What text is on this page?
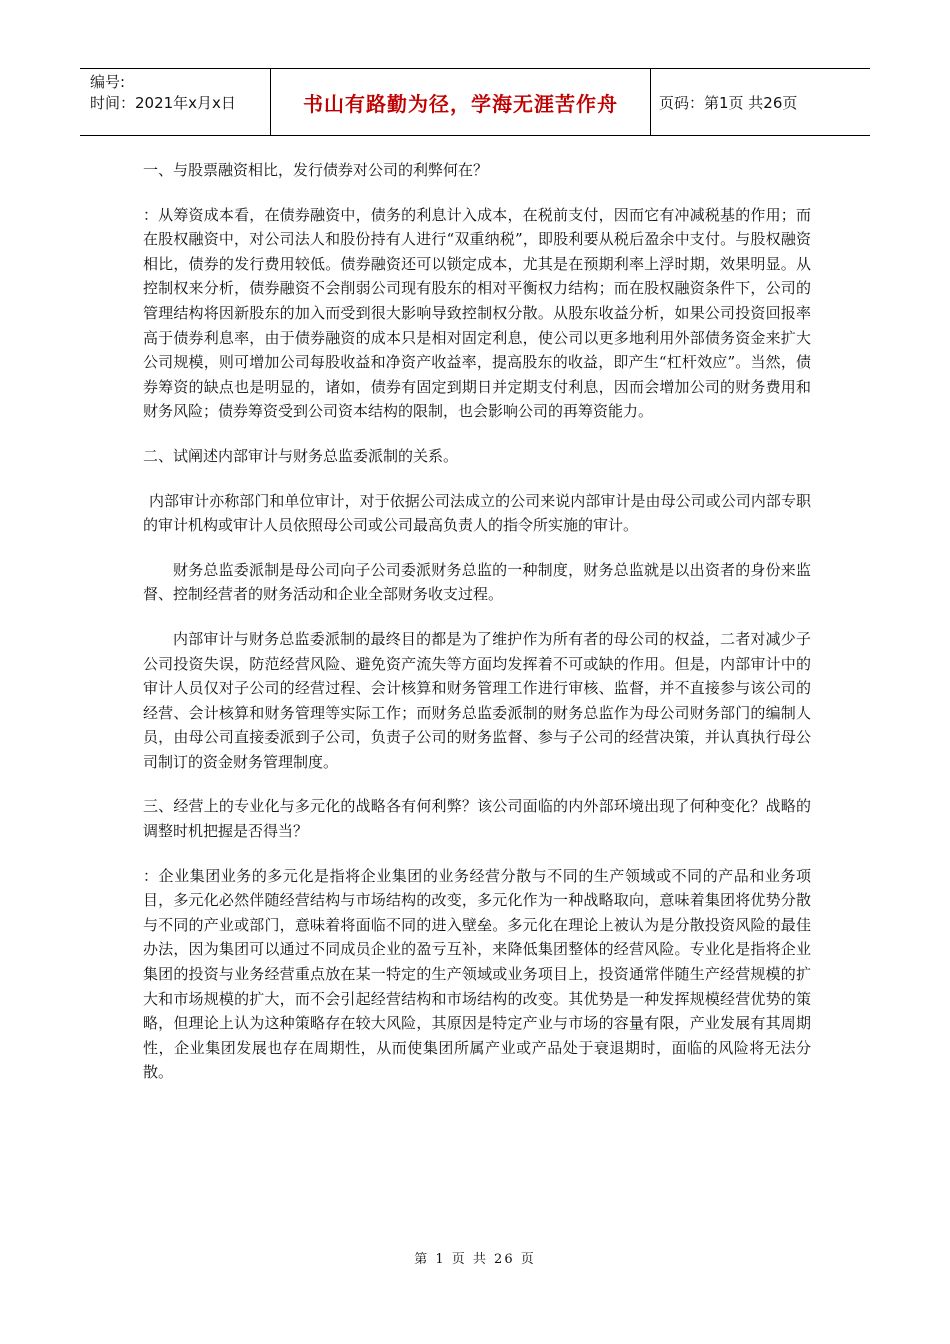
编号:
时间：2021年x月x日	书山有路勤为径，学海无涯苦作舟	页码：第1页 共26页

一、与股票融资相比，发行债券对公司的利弊何在？

：从筹资成本看，在债券融资中，债务的利息计入成本，在税前支付，因而它有冲减税基的作用；而在股权融资中，对公司法人和股份持有人进行“双重纳税”，即股利要从税后盈余中支付。与股权融资相比，债券的发行费用较低。债券融资还可以锁定成本，尤其是在预期利率上浮时期，效果明显。从控制权来分析，债券融资不会削弱公司现有股东的相对平衡权力结构；而在股权融资条件下，公司的管理结构将因新股东的加入而受到很大影响导致控制权分散。从股东收益分析，如果公司投资回报率高于债券利息率，由于债券融资的成本只是相对固定利息，使公司以更多地利用外部债务资金来扩大公司规模，则可增加公司每股收益和净资产收益率，提高股东的收益，即产生“杠杆效应”。当然，债券筹资的缺点也是明显的，诸如，债券有固定到期日并定期支付利息，因而会增加公司的财务费用和财务风险；债券筹资受到公司资本结构的限制，也会影响公司的再筹资能力。

二、试阐述内部审计与财务总监委派制的关系。

内部审计亦称部门和单位审计，对于依据公司法成立的公司来说内部审计是由母公司或公司内部专职的审计机构或审计人员依照母公司或公司最高负责人的指令所实施的审计。

财务总监委派制是母公司向子公司委派财务总监的一种制度，财务总监就是以出资者的身份来监督、控制经营者的财务活动和企业全部财务收支过程。

内部审计与财务总监委派制的最终目的都是为了维护作为所有者的母公司的权益，二者对减少子公司投资失误，防范经营风险、避免资产流失等方面均发挥着不可或缺的作用。但是，内部审计中的审计人员仅对子公司的经营过程、会计核算和财务管理工作进行审核、监督，并不直接参与该公司的经营、会计核算和财务管理等实际工作；而财务总监委派制的财务总监作为母公司财务部门的编制人员，由母公司直接委派到子公司，负责子公司的财务监督、参与子公司的经营决策，并认真执行母公司制订的资金财务管理制度。

三、经营上的专业化与多元化的战略各有何利弊？该公司面临的内外部环境出现了何种变化？战略的调整时机把握是否得当？

：企业集团业务的多元化是指将企业集团的业务经营分散与不同的生产领域或不同的产品和业务项目，多元化必然伴随经营结构与市场结构的改变，多元化作为一种战略取向，意味着集团将优势分散与不同的产业或部门，意味着将面临不同的进入壁垒。多元化在理论上被认为是分散投资风险的最佳办法，因为集团可以通过不同成员企业的盈亏互补，来降低集团整体的经营风险。专业化是指将企业集团的投资与业务经营重点放在某一特定的生产领域或业务项目上，投资通常伴随生产经营规模的扩大和市场规模的扩大，而不会引起经营结构和市场结构的改变。其优势是一种发挥规模经营优势的策略，但理论上认为这种策略存在较大风险，其原因是特定产业与市场的容量有限，产业发展有其周期性，企业集团发展也存在周期性，从而使集团所属产业或产品处于衰退期时，面临的风险将无法分散。

第 1 页 共 26 页
